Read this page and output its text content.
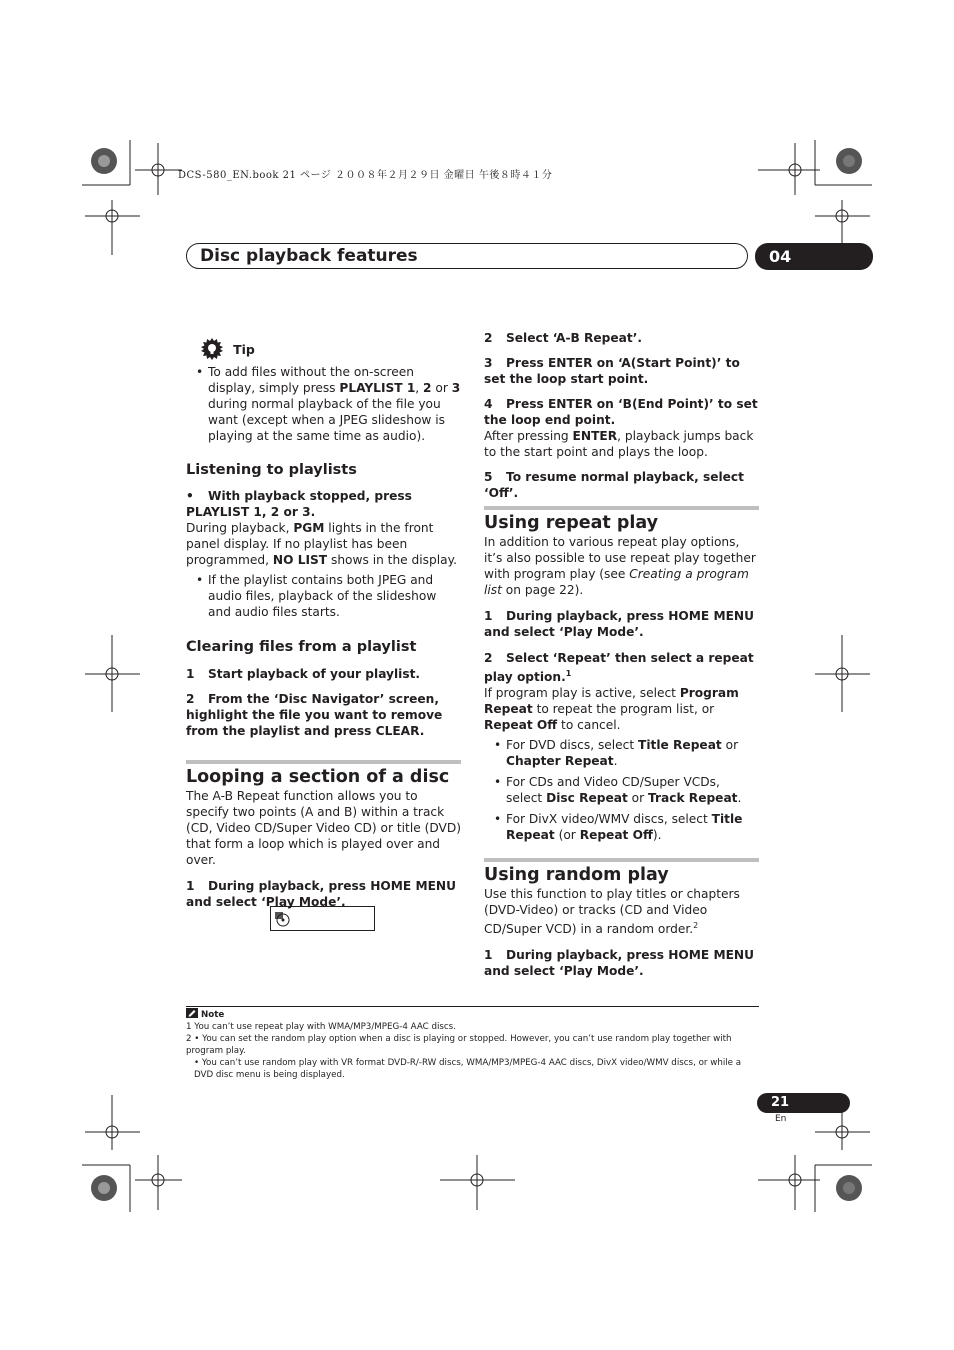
DCS-580_EN.book 21 ページ ２００８年２月２９日 金曜日 午後８時４１分
Disc playback features	04
Tip

• To add files without the on-screen display, simply press PLAYLIST 1, 2 or 3 during normal playback of the file you want (except when a JPEG slideshow is playing at the same time as audio).

Listening to playlists

• With playback stopped, press PLAYLIST 1, 2 or 3.

During playback, PGM lights in the front panel display. If no playlist has been programmed, NO LIST shows in the display.

• If the playlist contains both JPEG and audio files, playback of the slideshow and audio files starts.

Clearing files from a playlist

1 Start playback of your playlist.

2 From the ‘Disc Navigator’ screen, highlight the file you want to remove from the playlist and press CLEAR.

Looping a section of a disc

The A-B Repeat function allows you to specify two points (A and B) within a track (CD, Video CD/Super Video CD) or title (DVD) that form a loop which is played over and over.

1 During playback, press HOME MENU and select ‘Play Mode’.

2 Select ‘A-B Repeat’.

3 Press ENTER on ‘A(Start Point)’ to set the loop start point.

4 Press ENTER on ‘B(End Point)’ to set the loop end point.

After pressing ENTER, playback jumps back to the start point and plays the loop.

5 To resume normal playback, select ‘Off’.

Using repeat play

In addition to various repeat play options, it’s also possible to use repeat play together with program play (see Creating a program list on page 22).

1 During playback, press HOME MENU and select ‘Play Mode’.

2 Select ‘Repeat’ then select a repeat play option.$^1$

If program play is active, select Program Repeat to repeat the program list, or Repeat Off to cancel.

• For DVD discs, select Title Repeat or Chapter Repeat.

• For CDs and Video CD/Super VCDs, select Disc Repeat or Track Repeat.

• For DivX video/WMV discs, select Title Repeat (or Repeat Off).

Using random play

Use this function to play titles or chapters (DVD-Video) or tracks (CD and Video CD/Super VCD) in a random order.$^2$

1 During playback, press HOME MENU and select ‘Play Mode’.

Note

1 You can’t use repeat play with WMA/MP3/MPEG-4 AAC discs.

2 • You can set the random play option when a disc is playing or stopped. However, you can’t use random play together with program play.

• You can’t use random play with VR format DVD-R/-RW discs, WMA/MP3/MPEG-4 AAC discs, DivX video/WMV discs, or while a DVD disc menu is being displayed.

21
En
